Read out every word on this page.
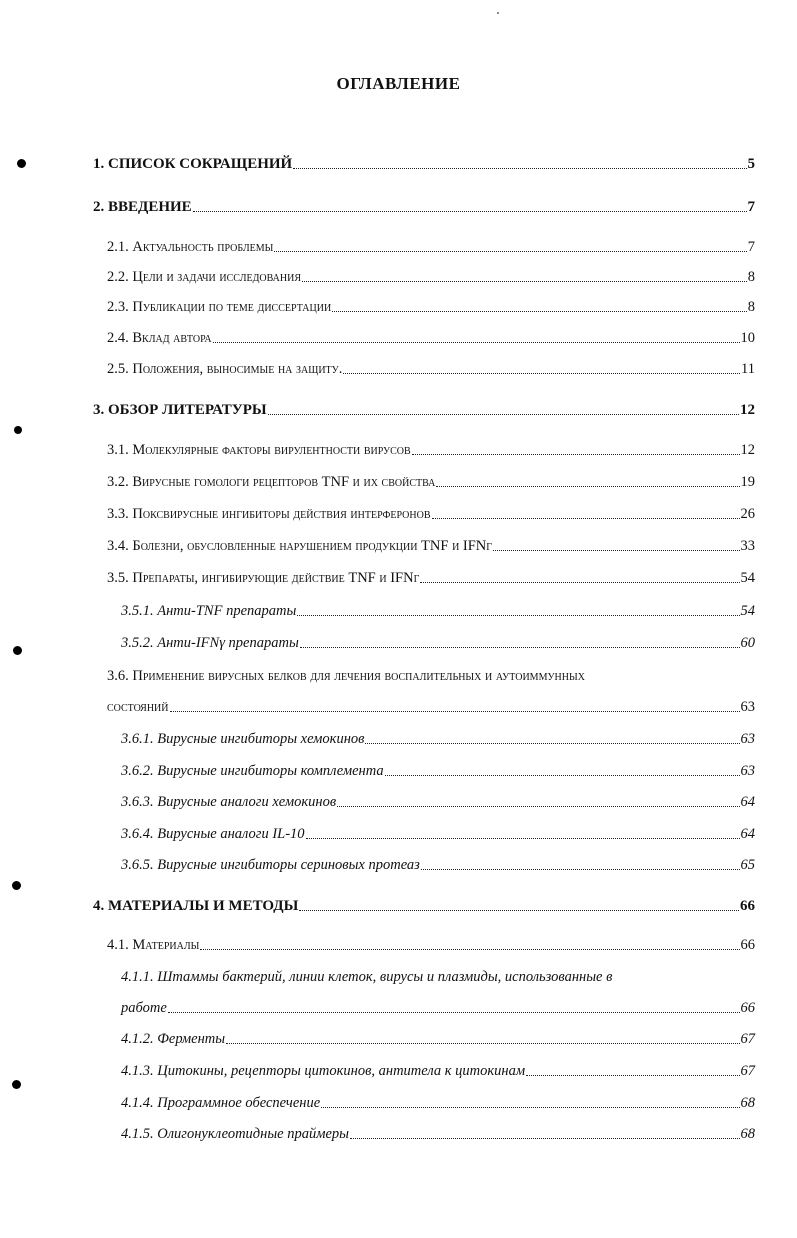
ОГЛАВЛЕНИЕ
1. СПИСОК СОКРАЩЕНИЙ	5
2. ВВЕДЕНИЕ	7
2.1. Актуальность проблемы	7
2.2. Цели и задачи исследования	8
2.3. Публикации по теме диссертации	8
2.4. Вклад автора	10
2.5. Положения, выносимые на защиту.	11
3. ОБЗОР ЛИТЕРАТУРЫ	12
3.1. Молекулярные факторы вирулентности вирусов	12
3.2. Вирусные гомологи рецепторов TNF и их свойства	19
3.3. Поксвирусные ингибиторы действия интерферонов	26
3.4. Болезни, обусловленные нарушением продукции TNF и IFNγ	33
3.5. Препараты, ингибирующие действие TNF и IFNγ	54
3.5.1. Анти-TNF препараты	54
3.5.2. Анти-IFNγ препараты	60
3.6. Применение вирусных белков для лечения воспалительных и аутоиммунных
состояний	63
3.6.1. Вирусные ингибиторы хемокинов	63
3.6.2. Вирусные ингибиторы комплемента	63
3.6.3. Вирусные аналоги хемокинов	64
3.6.4. Вирусные аналоги IL-10	64
3.6.5. Вирусные ингибиторы сериновых протеаз	65
4. МАТЕРИАЛЫ И МЕТОДЫ	66
4.1. Материалы	66
4.1.1. Штаммы бактерий, линии клеток, вирусы и плазмиды, использованные в
работе	66
4.1.2. Ферменты	67
4.1.3. Цитокины, рецепторы цитокинов, антитела к цитокинам	67
4.1.4. Программное обеспечение	68
4.1.5. Олигонуклеотидные праймеры	68
